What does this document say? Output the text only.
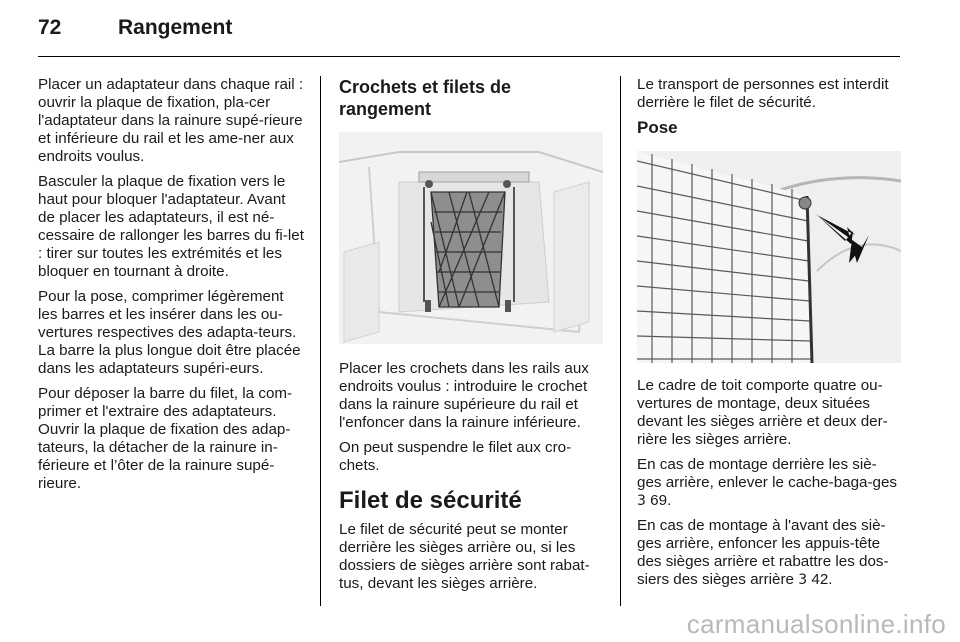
72	Rangement

Placer un adaptateur dans chaque rail : ouvrir la plaque de fixation, pla-cer l'adaptateur dans la rainure supé-rieure et inférieure du rail et les ame-ner aux endroits voulus.

Basculer la plaque de fixation vers le haut pour bloquer l'adaptateur. Avant de placer les adaptateurs, il est né-cessaire de rallonger les barres du fi-let : tirer sur toutes les extrémités et les bloquer en tournant à droite.

Pour la pose, comprimer légèrement les barres et les insérer dans les ou-vertures respectives des adapta-teurs. La barre la plus longue doit être placée dans les adaptateurs supéri-eurs.

Pour déposer la barre du filet, la com-primer et l'extraire des adaptateurs. Ouvrir la plaque de fixation des adap-tateurs, la détacher de la rainure in-férieure et l’ôter de la rainure supé-rieure.

Crochets et filets de rangement

Placer les crochets dans les rails aux endroits voulus : introduire le crochet dans la rainure supérieure du rail et l'enfoncer dans la rainure inférieure.

On peut suspendre le filet aux cro-chets.

Filet de sécurité

Le filet de sécurité peut se monter derrière les sièges arrière ou, si les dossiers de sièges arrière sont rabat-tus, devant les sièges arrière.

Le transport de personnes est interdit derrière le filet de sécurité.

Pose

Le cadre de toit comporte quatre ou-vertures de montage, deux situées devant les sièges arrière et deux der-rière les sièges arrière.

En cas de montage derrière les siè-ges arrière, enlever le cache-baga-ges 3 69.

En cas de montage à l'avant des siè-ges arrière, enfoncer les appuis-tête des sièges arrière et rabattre les dos-siers des sièges arrière 3 42.

carmanualsonline.info
